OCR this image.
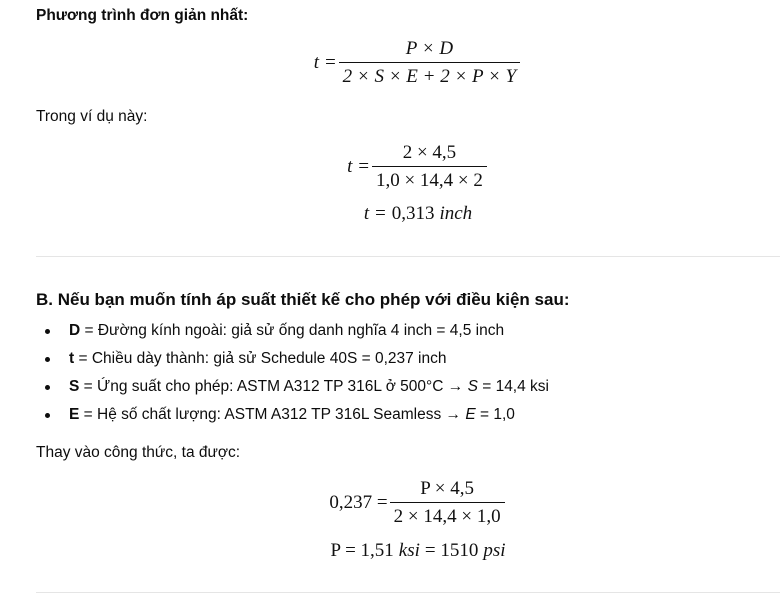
Phương trình đơn giản nhất:
$t = \frac{P \times D}{2 \times S \times E + 2 \times P \times Y}$
Trong ví dụ này:
$t = \frac{2 \times 4,5}{1,0 \times 14,4 \times 2}$
t = 0,313 inch
B. Nếu bạn muốn tính áp suất thiết kế cho phép với điều kiện sau:
D = Đường kính ngoài: giả sử ống danh nghĩa 4 inch = 4,5 inch
t = Chiều dày thành: giả sử Schedule 40S = 0,237 inch
S = Ứng suất cho phép: ASTM A312 TP 316L ở 500°C → S = 14,4 ksi
E = Hệ số chất lượng: ASTM A312 TP 316L Seamless → E = 1,0
Thay vào công thức, ta được:
$0,237 = \frac{P \times 4,5}{2 \times 14,4 \times 1,0}$
P = 1,51 ksi = 1510 psi
